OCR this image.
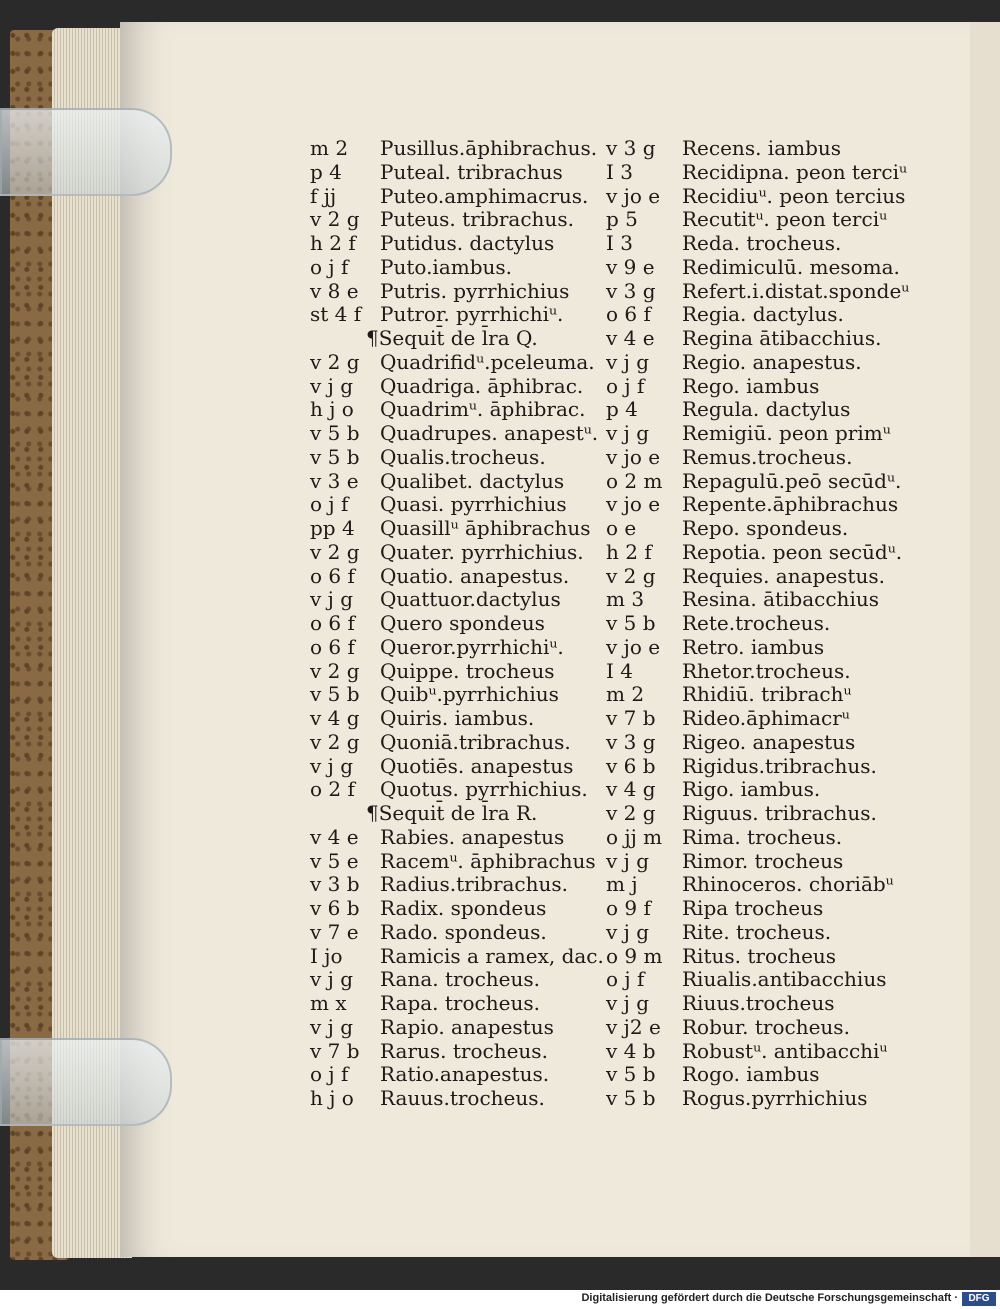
m 2 Pusillus.āphibrachus.
p 4 Puteal. tribrachus
f jj Puteo.amphimacrus.
v 2 g Puteus. tribrachus.
h 2 f Putidus. dactylus
o j f Puto.iambus.
v 8 e Putris. pyrrhichius
st 4 f Putror. pyrrhichiᵘ.
¶Sequit̄ de l̄ra Q.
v 2 g Quadrifidᵘ.pceleuma.
v j g Quadriga. āphibrac.
h j o Quadrimᵘ. āphibrac.
v 5 b Quadrupes. anapestᵘ.
v 5 b Qualis.trocheus.
v 3 e Qualibet. dactylus
o j f Quasi. pyrrhichius
pp 4 Quasillᵘ āphibrachus
v 2 g Quater. pyrrhichius.
o 6 f Quatio. anapestus.
v j g Quattuor.dactylus
o 6 f Quero spondeus
o 6 f Queror.pyrrhichiᵘ.
v 2 g Quippe. trocheus
v 5 b Quibᵘ.pyrrhichius
v 4 g Quiris. iambus.
v 2 g Quoniā.tribrachus.
v j g Quotiēs. anapestus
o 2 f Quotus. pyrrhichius.
¶Sequit̄ de l̄ra R.
v 4 e Rabies. anapestus
v 5 e Racemᵘ. āphibrachus
v 3 b Radius.tribrachus.
v 6 b Radix. spondeus
v 7 e Rado. spondeus.
I jo Ramicis a ramex, dac.
v j g Rana. trocheus.
m x Rapa. trocheus.
v j g Rapio. anapestus
v 7 b Rarus. trocheus.
o j f Ratio.anapestus.
h j o Rauus.trocheus.
v 3 g Recens. iambus
I 3 Recidipna. peon terciᵘ
v jo e Recidiuᵘ. peon tercius
p 5 Recutitᵘ. peon terciᵘ
I 3 Reda. trocheus.
v 9 e Redimiculū. mesoma.
v 3 g Refert.i.distat.spondeᵘ
o 6 f Regia. dactylus.
v 4 e Regina ātibacchius.
v j g Regio. anapestus.
o j f Rego. iambus
p 4 Regula. dactylus
v j g Remigiū. peon primᵘ
v jo e Remus.trocheus.
o 2 m Repagulū.peō secūdᵘ.
v jo e Repente.āphibrachus
o e Repo. spondeus.
h 2 f Repotia. peon secūdᵘ.
v 2 g Requies. anapestus.
m 3 Resina. ātibacchius
v 5 b Rete.trocheus.
v jo e Retro. iambus
I 4 Rhetor.trocheus.
m 2 Rhidiū. tribrachᵘ
v 7 b Rideo.āphimacrᵘ
v 3 g Rigeo. anapestus
v 6 b Rigidus.tribrachus.
v 4 g Rigo. iambus.
v 2 g Riguus. tribrachus.
o jj m Rima. trocheus.
v j g Rimor. trocheus
m j Rhinoceros. choriābᵘ
o 9 f Ripa trocheus
v j g Rite. trocheus.
o 9 m Ritus. trocheus
o j f Riualis.antibacchius
v j g Riuus.trocheus
v j2 e Robur. trocheus.
v 4 b Robustᵘ. antibacchiᵘ
v 5 b Rogo. iambus
v 5 b Rogus.pyrrhichius
Digitalisierung gefördert durch die Deutsche Forschungsgemeinschaft ·	DFG
